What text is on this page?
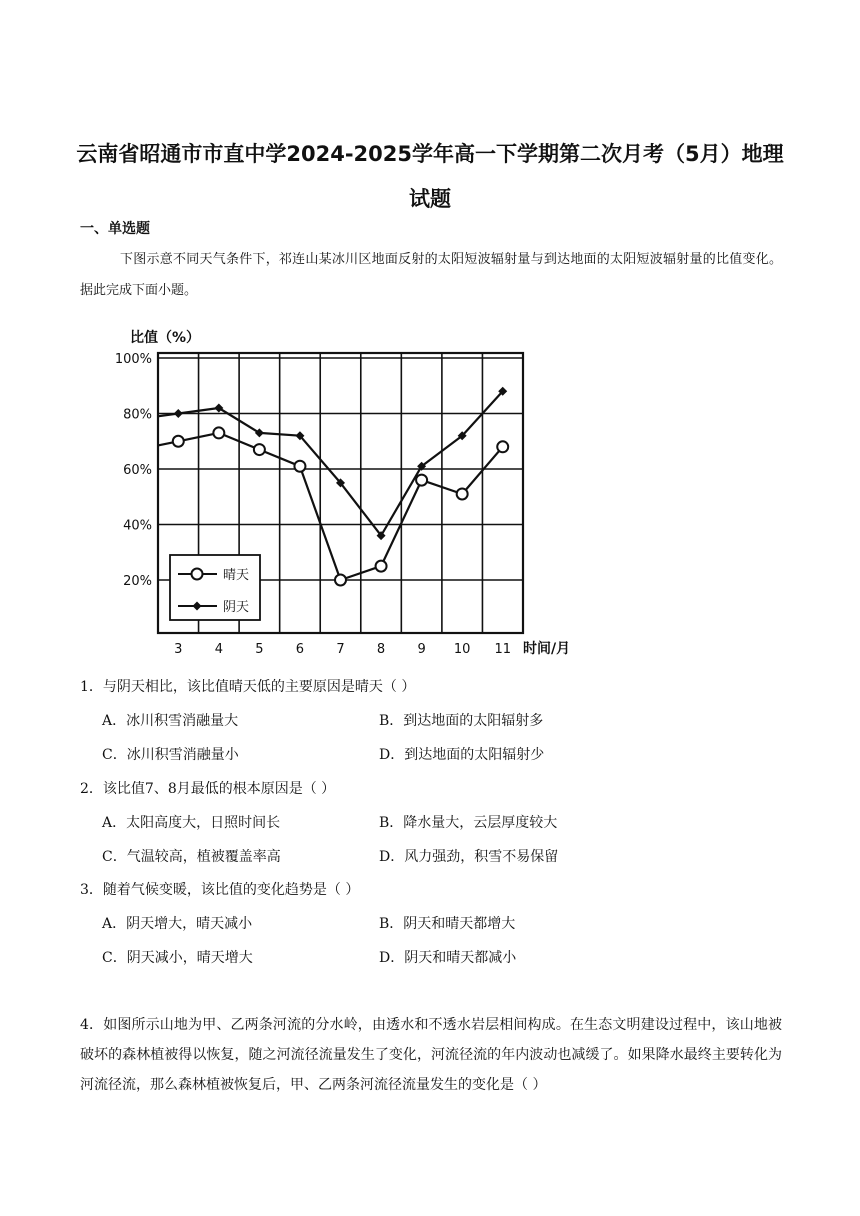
云南省昭通市市直中学2024-2025学年高一下学期第二次月考（5月）地理
试题
一、单选题
下图示意不同天气条件下，祁连山某冰川区地面反射的太阳短波辐射量与到达地面的太阳短波辐射量的比值变化。据此完成下面小题。
比值（%）
20%
40%
60%
80%
100%
3 4 5 6 7 8 9 10 11 时间/月
晴天
阴天
1．与阴天相比，该比值晴天低的主要原因是晴天（ ）
A．冰川积雪消融量大	B．到达地面的太阳辐射多
C．冰川积雪消融量小	D．到达地面的太阳辐射少
2．该比值7、8月最低的根本原因是（ ）
A．太阳高度大，日照时间长	B．降水量大，云层厚度较大
C．气温较高，植被覆盖率高	D．风力强劲，积雪不易保留
3．随着气候变暖，该比值的变化趋势是（ ）
A．阴天增大，晴天减小	B．阴天和晴天都增大
C．阴天减小，晴天增大	D．阴天和晴天都减小
4．如图所示山地为甲、乙两条河流的分水岭，由透水和不透水岩层相间构成。在生态文明建设过程中，该山地被破坏的森林植被得以恢复，随之河流径流量发生了变化，河流径流的年内波动也减缓了。如果降水最终主要转化为河流径流，那么森林植被恢复后，甲、乙两条河流径流量发生的变化是（ ）
